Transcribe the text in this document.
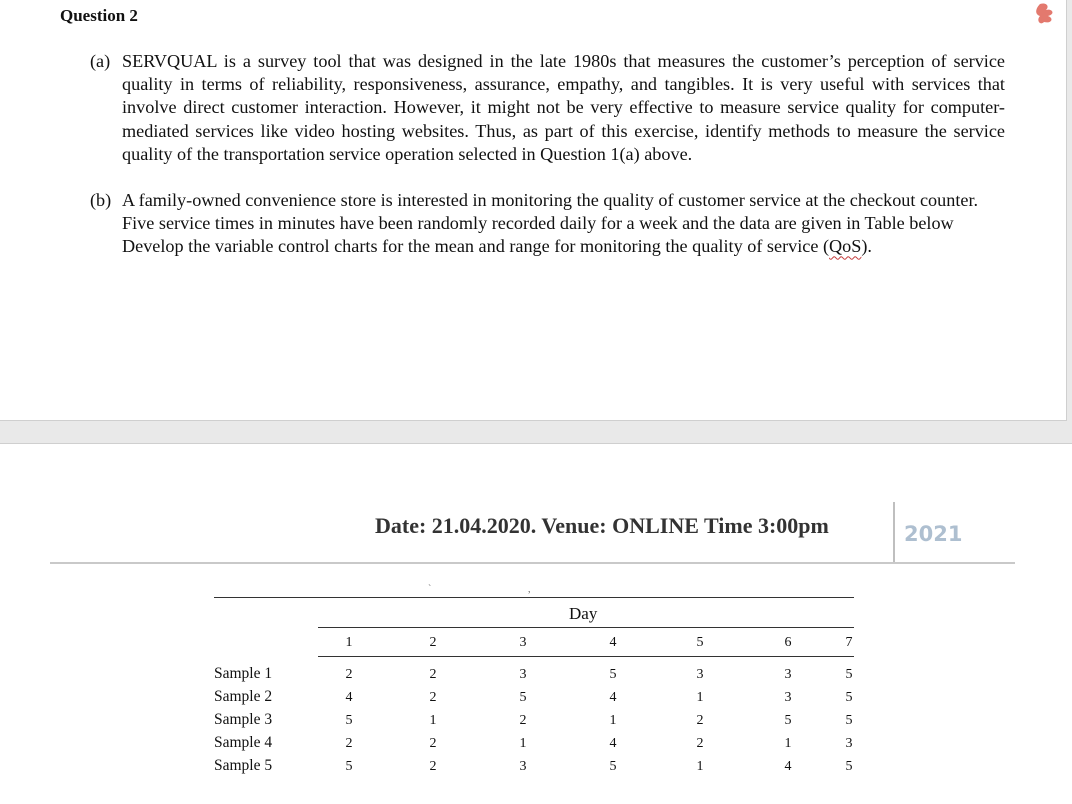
Question 2
(a) SERVQUAL is a survey tool that was designed in the late 1980s that measures the customer’s perception of service quality in terms of reliability, responsiveness, assurance, empathy, and tangibles. It is very useful with services that involve direct customer interaction. However, it might not be very effective to measure service quality for computer-mediated services like video hosting websites. Thus, as part of this exercise, identify methods to measure the service quality of the transportation service operation selected in Question 1(a) above.
(b) A family-owned convenience store is interested in monitoring the quality of customer service at the checkout counter. Five service times in minutes have been randomly recorded daily for a week and the data are given in Table below Develop the variable control charts for the mean and range for monitoring the quality of service (QoS).
Date: 21.04.2020. Venue: ONLINE Time 3:00pm	2021
`	,
Day
1	2	3	4	5	6	7
Sample 1	2	2	3	5	3	3	5
Sample 2	4	2	5	4	1	3	5
Sample 3	5	1	2	1	2	5	5
Sample 4	2	2	1	4	2	1	3
Sample 5	5	2	3	5	1	4	5
